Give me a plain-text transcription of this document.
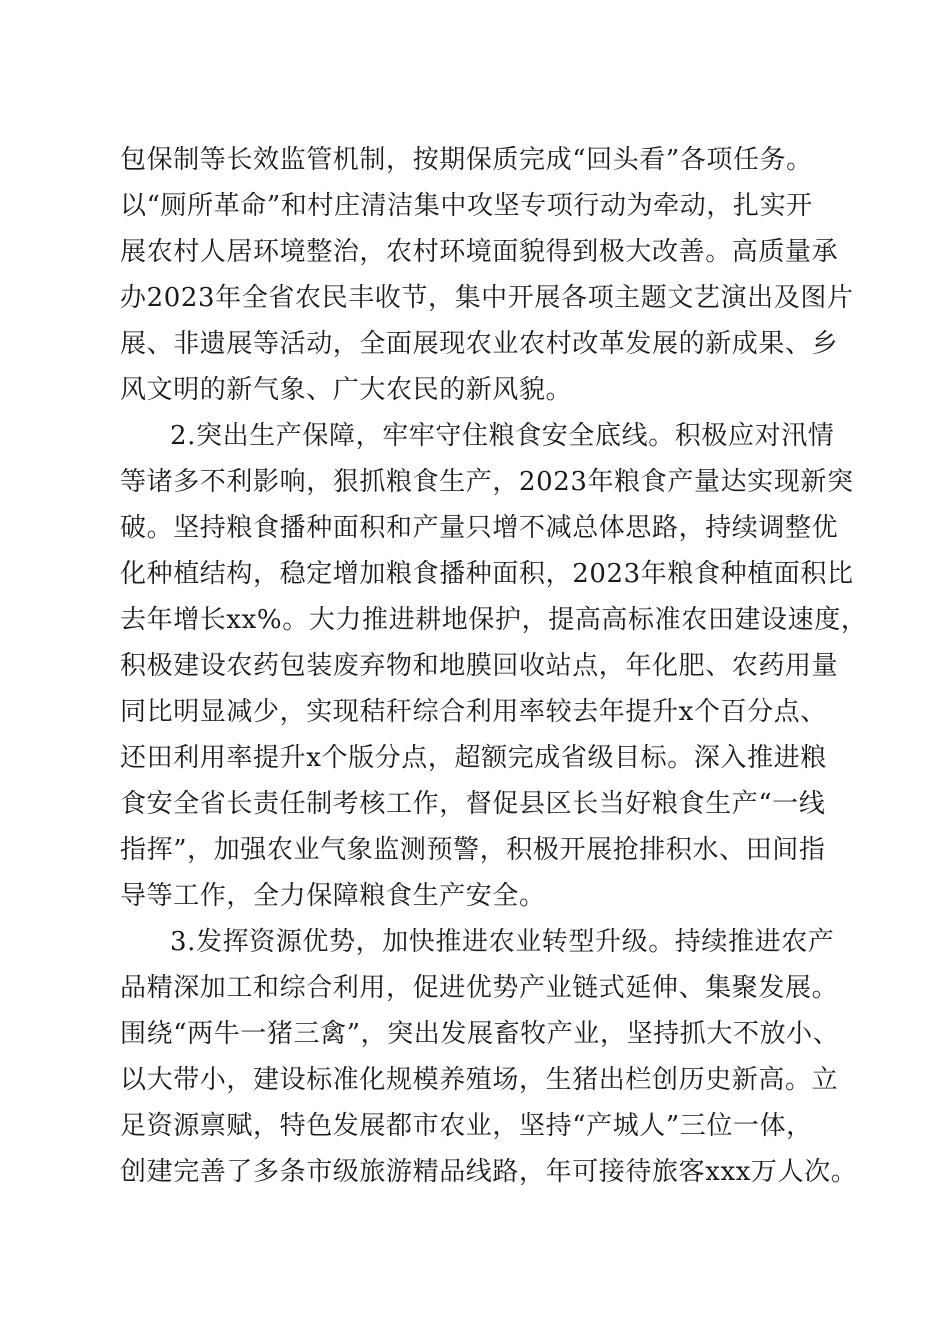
包保制等长效监管机制，按期保质完成“回头看”各项任务。
以“厕所革命”和村庄清洁集中攻坚专项行动为牵动，扎实开
展农村人居环境整治，农村环境面貌得到极大改善。高质量承
办2023年全省农民丰收节，集中开展各项主题文艺演出及图片
展、非遗展等活动，全面展现农业农村改革发展的新成果、乡
风文明的新气象、广大农民的新风貌。
2.突出生产保障，牢牢守住粮食安全底线。积极应对汛情
等诸多不利影响，狠抓粮食生产，2023年粮食产量达实现新突
破。坚持粮食播种面积和产量只增不减总体思路，持续调整优
化种植结构，稳定增加粮食播种面积，2023年粮食种植面积比
去年增长xx%。大力推进耕地保护，提高高标准农田建设速度，
积极建设农药包装废弃物和地膜回收站点，年化肥、农药用量
同比明显减少，实现秸秆综合利用率较去年提升x个百分点、
还田利用率提升x个版分点，超额完成省级目标。深入推进粮
食安全省长责任制考核工作，督促县区长当好粮食生产“一线
指挥”，加强农业气象监测预警，积极开展抢排积水、田间指
导等工作，全力保障粮食生产安全。
3.发挥资源优势，加快推进农业转型升级。持续推进农产
品精深加工和综合利用，促进优势产业链式延伸、集聚发展。
围绕“两牛一猪三禽”，突出发展畜牧产业，坚持抓大不放小、
以大带小，建设标准化规模养殖场，生猪出栏创历史新高。立
足资源禀赋，特色发展都市农业，坚持“产城人”三位一体，
创建完善了多条市级旅游精品线路，年可接待旅客xxx万人次。
